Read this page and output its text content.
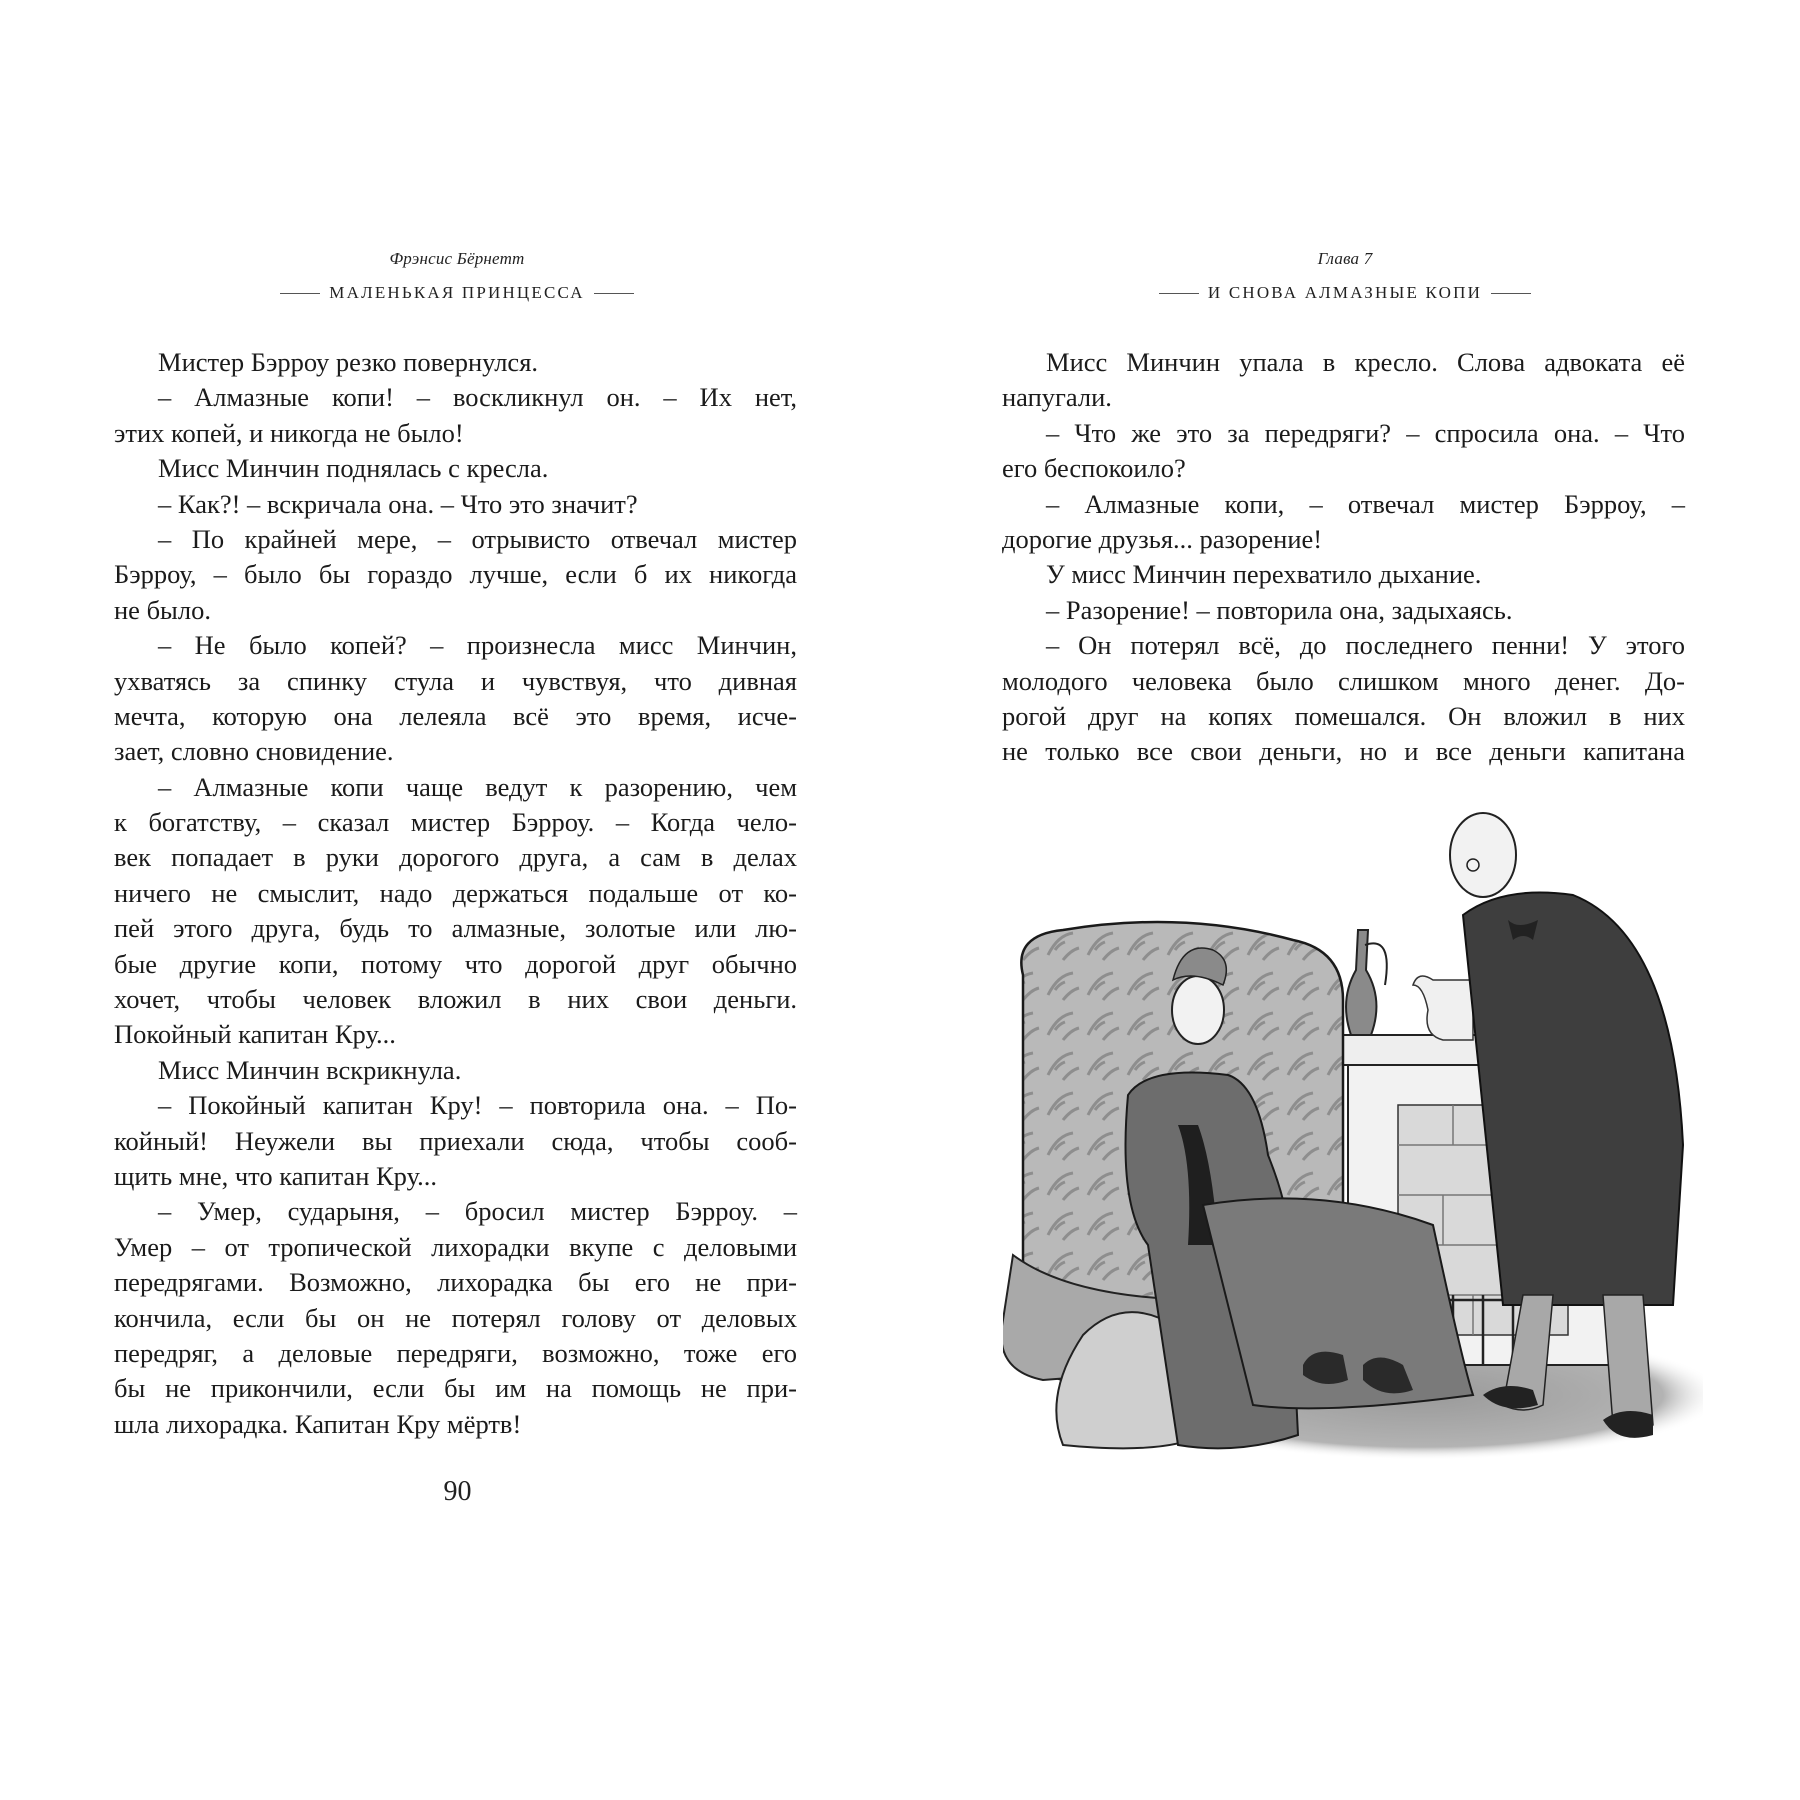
Фрэнсис Бёрнетт
МАЛЕНЬКАЯ ПРИНЦЕССА
Мистер Бэрроу резко повернулся.
– Алмазные копи! – воскликнул он. – Их нет,
этих копей, и никогда не было!
Мисс Минчин поднялась с кресла.
– Как?! – вскричала она. – Что это значит?
– По крайней мере, – отрывисто отвечал мистер
Бэрроу, – было бы гораздо лучше, если б их никогда
не было.
– Не было копей? – произнесла мисс Минчин,
ухватясь за спинку стула и чувствуя, что дивная
мечта, которую она лелеяла всё это время, исче-
зает, словно сновидение.
– Алмазные копи чаще ведут к разорению, чем
к богатству, – сказал мистер Бэрроу. – Когда чело-
век попадает в руки дорогого друга, а сам в делах
ничего не смыслит, надо держаться подальше от ко-
пей этого друга, будь то алмазные, золотые или лю-
бые другие копи, потому что дорогой друг обычно
хочет, чтобы человек вложил в них свои деньги.
Покойный капитан Кру...
Мисс Минчин вскрикнула.
– Покойный капитан Кру! – повторила она. – По-
койный! Неужели вы приехали сюда, чтобы сооб-
щить мне, что капитан Кру...
– Умер, сударыня, – бросил мистер Бэрроу. –
Умер – от тропической лихорадки вкупе с деловыми
передрягами. Возможно, лихорадка бы его не при-
кончила, если бы он не потерял голову от деловых
передряг, а деловые передряги, возможно, тоже его
бы не прикончили, если бы им на помощь не при-
шла лихорадка. Капитан Кру мёртв!
90
Глава 7
И СНОВА АЛМАЗНЫЕ КОПИ
Мисс Минчин упала в кресло. Слова адвоката её
напугали.
– Что же это за передряги? – спросила она. – Что
его беспокоило?
– Алмазные копи, – отвечал мистер Бэрроу, –
дорогие друзья... разорение!
У мисс Минчин перехватило дыхание.
– Разорение! – повторила она, задыхаясь.
– Он потерял всё, до последнего пенни! У этого
молодого человека было слишком много денег. До-
рогой друг на копях помешался. Он вложил в них
не только все свои деньги, но и все деньги капитана
